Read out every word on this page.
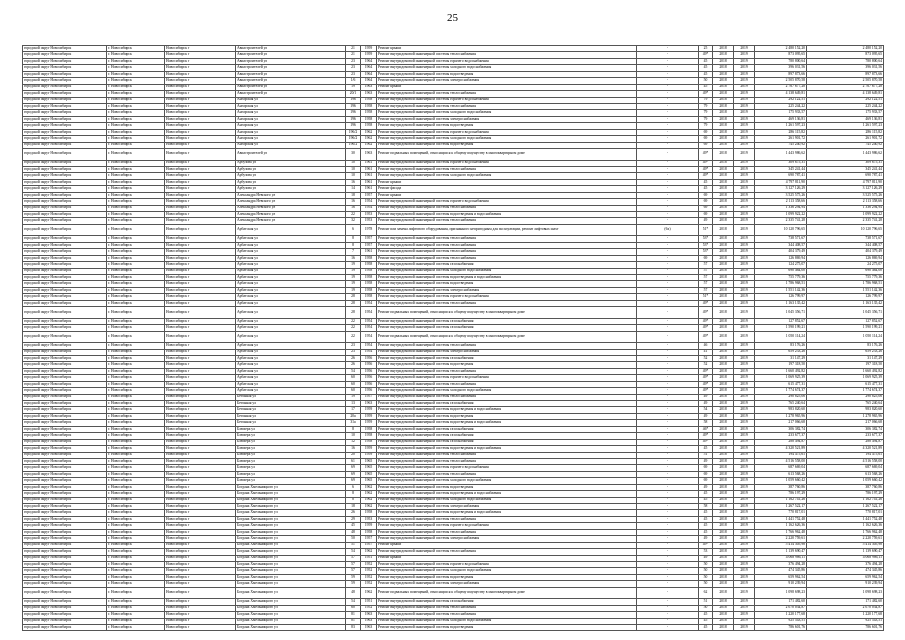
25
городской округ Новосибирск	г. Новосибирск	Новосибирск г	Авиастроителей ул	21	1959	Ремонт крыши	-	25	2018	2019	2 480 152,20	2 480 152,20
городской округ Новосибирск	г. Новосибирск	Новосибирск г	Авиастроителей ул	21	1959	Ремонт внутридомовой инженерной системы теплоснабжения	-	49*	2018	2019	873 095,65	873 095,65
городской округ Новосибирск	г. Новосибирск	Новосибирск г	Авиастроителей ул	23	1964	Ремонт внутридомовой инженерной системы горячего водоснабжения	-	45	2018	2019	780 800,64	780 800,64
городской округ Новосибирск	г. Новосибирск	Новосибирск г	Авиастроителей ул	23	1964	Ремонт внутридомовой инженерной системы холодного водоснабжения	-	45	2018	2019	396 031,56	396 031,56
городской округ Новосибирск	г. Новосибирск	Новосибирск г	Авиастроителей ул	23	1964	Ремонт внутридомовой инженерной системы водоотведения	-	45	2018	2019	897 873,66	897 873,66
городской округ Новосибирск	г. Новосибирск	Новосибирск г	Авиастроителей ул	1/6	1964	Ремонт внутридомовой инженерной системы электроснабжения	-	50	2018	2019	2 505 870,58	2 505 870,58
городской округ Новосибирск	г. Новосибирск	Новосибирск г	Авиастроителей ул	19	1963	Ремонт крыши	-	45	2018	2019	2 767 677,28	2 767 677,28
городской округ Новосибирск	г. Новосибирск	Новосибирск г	Авиастроителей ул	20/1	1963	Ремонт внутридомовой инженерной системы теплоснабжения	-	49*	2018	2019	4 138 649,81	4 138 649,81
городской округ Новосибирск	г. Новосибирск	Новосибирск г	Ангарская ул	196	1958	Ремонт внутридомовой инженерной системы горячего водоснабжения	-	79	2018	2019	292 122,51	292 122,51
городской округ Новосибирск	г. Новосибирск	Новосибирск г	Ангарская ул	196	1958	Ремонт внутридомовой инженерной системы теплоснабжения	-	79	2018	2019	225 244,22	225 244,22
городской округ Новосибирск	г. Новосибирск	Новосибирск г	Ангарская ул	196	1958	Ремонт внутридомовой инженерной системы холодного водоснабжения	-	79	2018	2019	175 933,57	175 933,57
городской округ Новосибирск	г. Новосибирск	Новосибирск г	Ангарская ул	196	1958	Ремонт внутридомовой инженерной системы электроснабжения	-	79	2018	2019	469 136,81	469 136,81
городской округ Новосибирск	г. Новосибирск	Новосибирск г	Ангарская ул	196	1958	Ремонт внутридомовой инженерной системы водоотведения	-	79	2018	2019	1 261 597,23	1 261 597,23
городской округ Новосибирск	г. Новосибирск	Новосибирск г	Ангарская ул	196/2	1962	Ремонт внутридомовой инженерной системы горячего водоснабжения	-	69	2018	2019	286 115,82	286 115,82
городской округ Новосибирск	г. Новосибирск	Новосибирск г	Ангарская ул	196/2	1962	Ремонт внутридомовой инженерной системы холодного водоснабжения	-	69	2018	2019	261 901,72	261 901,72
городской округ Новосибирск	г. Новосибирск	Новосибирск г	Ангарская ул	196/2	1962	Ремонт внутридомовой инженерной системы водоотведения	-	69	2018	2019	745 240,92	745 240,92
городской округ Новосибирск	г. Новосибирск	Новосибирск г	Авиастроителей ул	30	1963	Ремонт подвальных помещений, относящихся к общему имуществу в многоквартирном доме	-	49*	2018	2019	1 443 986,62	1 443 986,62
городской округ Новосибирск	г. Новосибирск	Новосибирск г	Арбузова ул	10	1961	Ремонт внутридомовой инженерной системы горячего водоснабжения	-	49*	2018	2019	309 675,31	309 675,31
городской округ Новосибирск	г. Новосибирск	Новосибирск г	Арбузова ул	10	1961	Ремонт внутридомовой инженерной системы теплоснабжения	-	49*	2018	2019	345 241,44	345 241,44
городской округ Новосибирск	г. Новосибирск	Новосибирск г	Арбузова ул	10	1961	Ремонт внутридомовой инженерной системы холодного водоснабжения	-	49*	2018	2019	690 787,41	690 787,41
городской округ Новосибирск	г. Новосибирск	Новосибирск г	Арбузова ул	16	1961	Ремонт крыши	-	45	2018	2019	4 797 811,90	4 797 811,90
городской округ Новосибирск	г. Новосибирск	Новосибирск г	Арбузова ул	14	1961	Ремонт фасада	-	45	2018	2019	3 127 126,29	3 127 126,29
городской округ Новосибирск	г. Новосибирск	Новосибирск г	Александра Невского ул	18	1957	Ремонт крыши	-	69	2018	2019	3 525 575,26	3 525 575,26
городской округ Новосибирск	г. Новосибирск	Новосибирск г	Александра Невского ул	16	1954	Ремонт внутридомовой инженерной системы горячего водоснабжения	-	69	2018	2019	2 113 358,66	2 113 358,66
городской округ Новосибирск	г. Новосибирск	Новосибирск г	Александра Невского ул	16	1954	Ремонт внутридомовой инженерной системы теплоснабжения	-	69	2018	2019	1 336 294,94	1 336 294,94
городской округ Новосибирск	г. Новосибирск	Новосибирск г	Александра Невского ул	22	1953	Ремонт внутридомовой инженерной системы водоотведения и водоснабжения	-	69	2018	2019	1 099 922,22	1 099 922,22
городской округ Новосибирск	г. Новосибирск	Новосибирск г	Александра Невского ул	32	1953	Ремонт внутридомовой инженерной системы теплоснабжения	-	49	2018	2019	2 335 741,28	2 335 741,28
городской округ Новосибирск	г. Новосибирск	Новосибирск г	Арбатская ул	6	1978	Ремонт или замена лифтового оборудования, признанного непригодным для эксплуатации, ремонт лифтовых шахт	(6x)	51*	2018	2019	10 120 796,65	10 120 796,65
городской округ Новосибирск	г. Новосибирск	Новосибирск г	Арбатская ул	8	1957	Ремонт внутридомовой инженерной системы теплоснабжения	-	53*	2018	2019	738 571,67	738 571,67
городской округ Новосибирск	г. Новосибирск	Новосибирск г	Арбатская ул	8	1957	Ремонт внутридомовой инженерной системы теплоснабжения	-	53*	2018	2019	344 408,57	344 408,57
городской округ Новосибирск	г. Новосибирск	Новосибирск г	Арбатская ул	7	1961	Ремонт внутридомовой инженерной системы теплоснабжения	-	53*	2018	2019	404 379,49	404 379,49
городской округ Новосибирск	г. Новосибирск	Новосибирск г	Арбатская ул	16	1958	Ремонт внутридомовой инженерной системы теплоснабжения	-	69	2018	2019	126 869,94	126 869,94
городской округ Новосибирск	г. Новосибирск	Новосибирск г	Арбатская ул	19	1958	Ремонт внутридомовой инженерной системы газоснабжения	-	57	2018	2019	124 275,07	24 275,07
городской округ Новосибирск	г. Новосибирск	Новосибирск г	Арбатская ул	19	1958	Ремонт внутридомовой инженерной системы холодного водоснабжения	-	57	2018	2019	690 464,00	690 464,00
городской округ Новосибирск	г. Новосибирск	Новосибирск г	Арбатская ул	19	1958	Ремонт внутридомовой инженерной системы водоотведения и водоснабжения	-	57	2018	2019	755 779,36	755 779,36
городской округ Новосибирск	г. Новосибирск	Новосибирск г	Арбатская ул	19	1958	Ремонт внутридомовой инженерной системы водоотведения	-	57	2018	2019	1 786 968,51	1 786 968,51
городской округ Новосибирск	г. Новосибирск	Новосибирск г	Арбатская ул	19	1958	Ремонт внутридомовой инженерной системы электроснабжения	-	57	2018	2019	1 551 142,36	1 551 142,36
городской округ Новосибирск	г. Новосибирск	Новосибирск г	Арбатская ул	28	1958	Ремонт внутридомовой инженерной системы горячего водоснабжения	-	51*	2018	2019	126 799,97	126 799,97
городской округ Новосибирск	г. Новосибирск	Новосибирск г	Арбатская ул	28	1954	Ремонт внутридомовой инженерной системы теплоснабжения	-	49*	2018	2019	1 163 135,42	1 163 135,42
городской округ Новосибирск	г. Новосибирск	Новосибирск г	Арбатская ул	28	1954	Ремонт подвальных помещений, относящихся к общему имуществу в многоквартирном доме	-	49*	2018	2019	1 045 356,71	1 045 356,71
городской округ Новосибирск	г. Новосибирск	Новосибирск г	Арбатская ул	22	1954	Ремонт внутридомовой инженерной системы газоснабжения	-	49*	2018	2019	127 852,67	127 852,67
городской округ Новосибирск	г. Новосибирск	Новосибирск г	Арбатская ул	22	1954	Ремонт внутридомовой инженерной системы газоснабжения	-	49*	2018	2019	1 590 199,21	1 590 199,21
городской округ Новосибирск	г. Новосибирск	Новосибирск г	Арбатская ул	22	1954	Ремонт подвальных помещений, относящихся к общему имуществу в многоквартирном доме	-	49*	2018	2019	1 050 114,24	1 050 114,24
городской округ Новосибирск	г. Новосибирск	Новосибирск г	Арбатская ул	23	1954	Ремонт внутридомовой инженерной системы теплоснабжения	-	46	2018	2019	83 176,26	83 176,26
городской округ Новосибирск	г. Новосибирск	Новосибирск г	Арбатская ул	23	1954	Ремонт внутридомовой инженерной системы электроснабжения	-	41	2018	2019	659 233,26	659 233,26
городской округ Новосибирск	г. Новосибирск	Новосибирск г	Арбатская ул	26	1956	Ремонт внутридомовой инженерной системы газоснабжения	-	52	2018	2019	31 147,29	31 147,29
городской округ Новосибирск	г. Новосибирск	Новосибирск г	Арбатская ул	26	1956	Ремонт внутридомовой инженерной системы водоотведения	-	52	2018	2019	197 318,50	197 318,50
городской округ Новосибирск	г. Новосибирск	Новосибирск г	Арбатская ул	54	1956	Ремонт внутридомовой инженерной системы теплоснабжения	-	49*	2018	2019	1 660 492,82	1 660 492,82
городской округ Новосибирск	г. Новосибирск	Новосибирск г	Арбатская ул	60	1956	Ремонт внутридомовой инженерной системы горячего водоснабжения	-	49*	2018	2019	1 069 925,39	1 069 925,39
городской округ Новосибирск	г. Новосибирск	Новосибирск г	Арбатская ул	60	1956	Ремонт внутридомовой инженерной системы теплоснабжения	-	49*	2018	2019	615 477,31	615 477,31
городской округ Новосибирск	г. Новосибирск	Новосибирск г	Арбатская ул	60	1956	Ремонт внутридомовой инженерной системы холодного водоснабжения	-	49*	2018	2019	1 774 674,37	1 774 674,37
городской округ Новосибирск	г. Новосибирск	Новосибирск г	Бетонная ул	19	1957	Ремонт внутридомовой инженерной системы теплоснабжения	-	49	2018	2019	290 825,06	290 825,06
городской округ Новосибирск	г. Новосибирск	Новосибирск г	Бетонная ул	13	1963	Ремонт внутридомовой инженерной системы газоснабжения	-	49	2018	2019	765 240,64	765 240,64
городской округ Новосибирск	г. Новосибирск	Новосибирск г	Бетонная ул	17	1959	Ремонт внутридомовой инженерной системы водоотведения и водоснабжения	-	54	2018	2019	983 820,60	983 820,60
городской округ Новосибирск	г. Новосибирск	Новосибирск г	Бетонная ул	20а	1959	Ремонт внутридомовой инженерной системы водоотведения	-	49	2018	2019	1 278 965,96	1 278 965,96
городской округ Новосибирск	г. Новосибирск	Новосибирск г	Бетонная ул	31а	1959	Ремонт внутридомовой инженерной системы водоотведения и водоснабжения	-	58	2018	2019	217 066,68	217 066,68
городской округ Новосибирск	г. Новосибирск	Новосибирск г	Блюхера ул	8	1958	Ремонт внутридомовой инженерной системы газоснабжения	-	46*	2018	2019	306 382,74	306 382,74
городской округ Новосибирск	г. Новосибирск	Новосибирск г	Блюхера ул	10	1958	Ремонт внутридомовой инженерной системы газоснабжения	-	49*	2018	2019	233 677,37	233 677,37
городской округ Новосибирск	г. Новосибирск	Новосибирск г	Блюхера ул	12	1958	Ремонт внутридомовой инженерной системы газоснабжения	-	49*	2018	2019	288 494,87	288 494,87
городской округ Новосибирск	г. Новосибирск	Новосибирск г	Блюхера ул	16	1959	Ремонт внутридомовой инженерной системы водоотведения и водоснабжения	-	45	2018	2019	4 320 521,89	4 320 521,89
городской округ Новосибирск	г. Новосибирск	Новосибирск г	Блюхера ул	20	1959	Ремонт внутридомовой инженерной системы теплоснабжения	-	51	2018	2019	194 475,61	194 475,61
городской округ Новосибирск	г. Новосибирск	Новосибирск г	Блюхера ул	61	1965	Ремонт внутридомовой инженерной системы теплоснабжения	-	49	2018	2019	4 516 558,00	4 516 558,00
городской округ Новосибирск	г. Новосибирск	Новосибирск г	Блюхера ул	69	1965	Ремонт внутридомовой инженерной системы горячего водоснабжения	-	69	2018	2019	687 669,04	687 669,04
городской округ Новосибирск	г. Новосибирск	Новосибирск г	Блюхера ул	69	1965	Ремонт внутридомовой инженерной системы теплоснабжения	-	69	2018	2019	613 568,26	613 568,26
городской округ Новосибирск	г. Новосибирск	Новосибирск г	Блюхера ул	69	1965	Ремонт внутридомовой инженерной системы холодного водоснабжения	-	69	2018	2019	1 059 660,42	1 059 660,42
городской округ Новосибирск	г. Новосибирск	Новосибирск г	Богдана Хмельницкого ул	6	1962	Ремонт внутридомовой инженерной системы водоотведения	-	49	2018	2019	387 760,86	387 760,86
городской округ Новосибирск	г. Новосибирск	Новосибирск г	Богдана Хмельницкого ул	8	1962	Ремонт внутридомовой инженерной системы водоотведения и водоснабжения	-	45	2018	2019	786 197,29	786 197,29
городской округ Новосибирск	г. Новосибирск	Новосибирск г	Богдана Хмельницкого ул	8	1962	Ремонт внутридомовой инженерной системы холодного водоснабжения	-	45	2018	2019	1 162 741,26	1 162 741,26
городской округ Новосибирск	г. Новосибирск	Новосибирск г	Богдана Хмельницкого ул	18	1962	Ремонт внутридомовой инженерной системы электроснабжения	-	58	2018	2019	1 267 522,17	1 267 522,17
городской округ Новосибирск	г. Новосибирск	Новосибирск г	Богдана Хмельницкого ул	26	1958	Ремонт внутридомовой инженерной системы водоотведения и водоснабжения	-	45	2018	2019	770 817,01	770 817,01
городской округ Новосибирск	г. Новосибирск	Новосибирск г	Богдана Хмельницкого ул	29	1953	Ремонт внутридомовой инженерной системы теплоснабжения	-	45	2018	2019	1 441 752,48	1 441 752,48
городской округ Новосибирск	г. Новосибирск	Новосибирск г	Богдана Хмельницкого ул	45	1959	Ремонт внутридомовой инженерной системы горячего водоснабжения	-	45	2018	2019	1 162 626,36	1 162 626,36
городской округ Новосибирск	г. Новосибирск	Новосибирск г	Богдана Хмельницкого ул	48	1958	Ремонт внутридомовой инженерной системы теплоснабжения	-	45	2018	2019	1 766 962,48	1 766 962,48
городской округ Новосибирск	г. Новосибирск	Новосибирск г	Богдана Хмельницкого ул	50	1957	Ремонт внутридомовой инженерной системы электроснабжения	-	49	2018	2019	2 220 759,61	2 220 759,61
городской округ Новосибирск	г. Новосибирск	Новосибирск г	Богдана Хмельницкого ул	51	1957	Ремонт крыши	-	49*	2018	2019	5 414 305,98	5 414 305,98
городской округ Новосибирск	г. Новосибирск	Новосибирск г	Богдана Хмельницкого ул	54	1962	Ремонт внутридомовой инженерной системы теплоснабжения	-	53	2018	2019	1 139 690,47	1 139 690,47
городской округ Новосибирск	г. Новосибирск	Новосибирск г	Богдана Хмельницкого ул	57	1951	Ремонт крыши	-	49	2018	2019	4 068 986,11	4 068 986,11
городской округ Новосибирск	г. Новосибирск	Новосибирск г	Богдана Хмельницкого ул	57	1952	Ремонт внутридомовой инженерной системы горячего водоснабжения	-	50	2018	2019	376 494,28	376 494,28
городской округ Новосибирск	г. Новосибирск	Новосибирск г	Богдана Хмельницкого ул	57	1952	Ремонт внутридомовой инженерной системы холодного водоснабжения	-	50	2018	2019	474 345,86	474 345,86
городской округ Новосибирск	г. Новосибирск	Новосибирск г	Богдана Хмельницкого ул	59	1952	Ремонт внутридомовой инженерной системы водоотведения	-	50	2018	2019	659 962,54	659 962,54
городской округ Новосибирск	г. Новосибирск	Новосибирск г	Богдана Хмельницкого ул	59	1952	Ремонт внутридомовой инженерной системы электроснабжения	-	50	2018	2019	910 239,94	910 239,94
городской округ Новосибирск	г. Новосибирск	Новосибирск г	Богдана Хмельницкого ул	48	1962	Ремонт подвальных помещений, относящихся к общему имуществу в многоквартирном доме	-	62	2018	2019	1 098 698,23	1 098 698,23
городской округ Новосибирск	г. Новосибирск	Новосибирск г	Богдана Хмельницкого ул	54	1951	Ремонт внутридомовой инженерной системы газоснабжения	-	51	2018	2019	171 482,60	171 482,60
городской округ Новосибирск	г. Новосибирск	Новосибирск г	Богдана Хмельницкого ул	60	1952	Ремонт внутридомовой инженерной системы теплоснабжения	-	50	2018	2019	2 070 034,87	2 070 034,87
городской округ Новосибирск	г. Новосибирск	Новосибирск г	Богдана Хмельницкого ул	81	1963	Ремонт внутридомовой инженерной системы теплоснабжения	-	45	2018	2019	1 220 177,68	1 220 177,68
городской округ Новосибирск	г. Новосибирск	Новосибирск г	Богдана Хмельницкого ул	81	1963	Ремонт внутридомовой инженерной системы холодного водоснабжения	-	45	2018	2019	925 543,51	925 543,51
городской округ Новосибирск	г. Новосибирск	Новосибирск г	Богдана Хмельницкого ул	83	1963	Ремонт внутридомовой инженерной системы водоотведения	-	45	2018	2019	786 601,76	786 601,76
